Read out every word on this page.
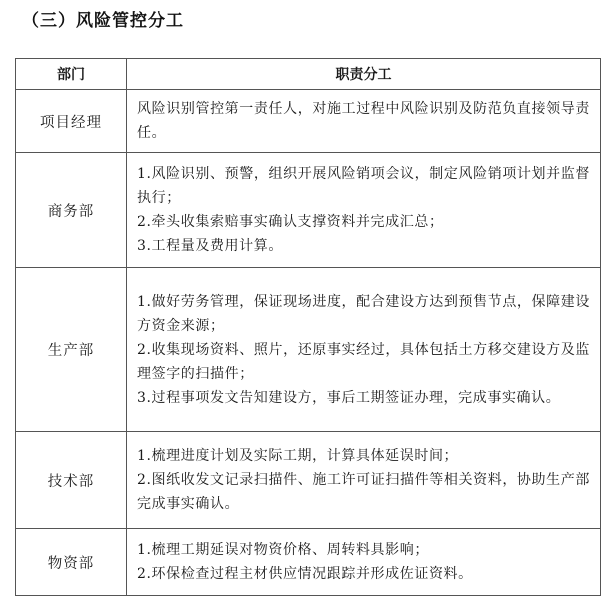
（三）风险管控分工
部门	职责分工
项目经理	风险识别管控第一责任人，对施工过程中风险识别及防范负直接领导责任。

商务部	1.风险识别、预警，组织开展风险销项会议，制定风险销项计划并监督执行；
2.牵头收集索赔事实确认支撑资料并完成汇总；
3.工程量及费用计算。

生产部	1.做好劳务管理，保证现场进度，配合建设方达到预售节点，保障建设方资金来源；
2.收集现场资料、照片，还原事实经过，具体包括土方移交建设方及监理签字的扫描件；
3.过程事项发文告知建设方，事后工期签证办理，完成事实确认。

技术部	1.梳理进度计划及实际工期，计算具体延误时间；
2.图纸收发文记录扫描件、施工许可证扫描件等相关资料，协助生产部完成事实确认。

物资部	1.梳理工期延误对物资价格、周转料具影响；
2.环保检查过程主材供应情况跟踪并形成佐证资料。
